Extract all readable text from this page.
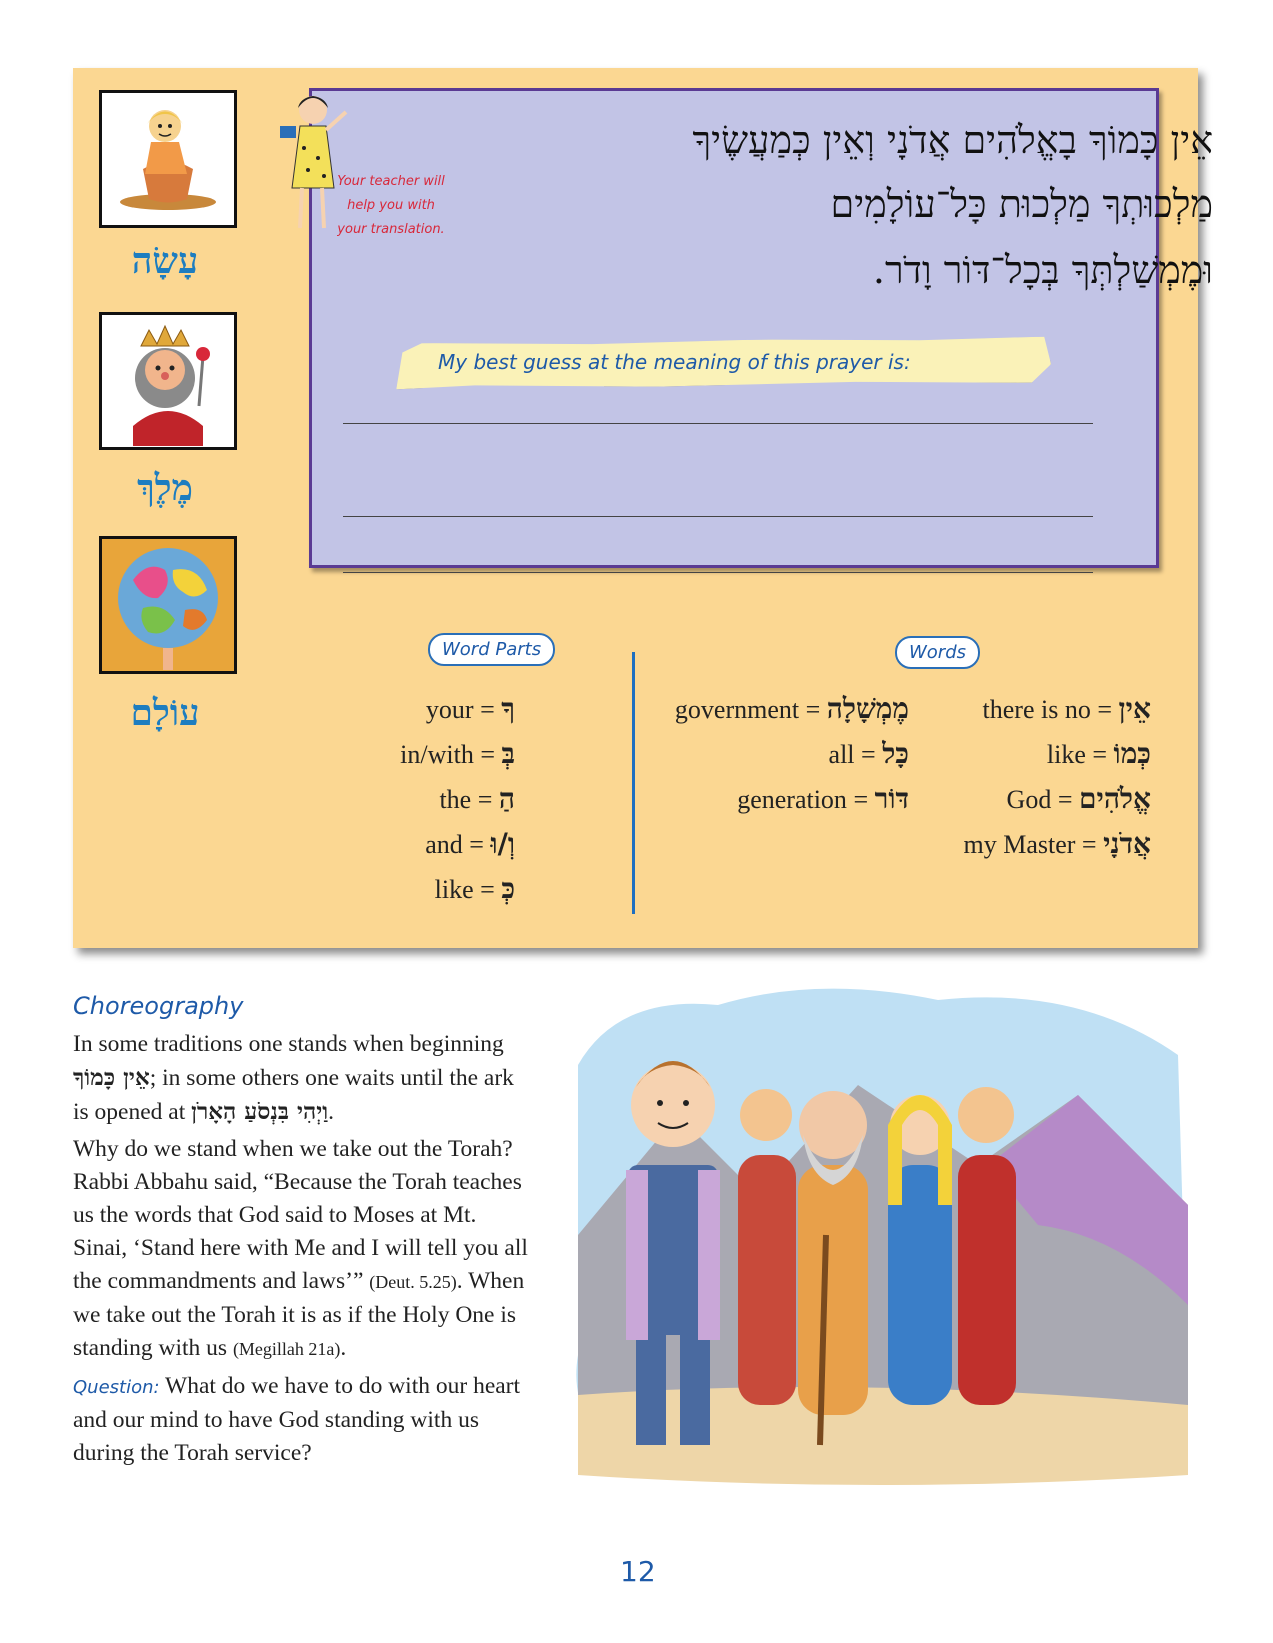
עָשָׂה
מֶלֶךְ
עוֹלָם
Your teacher will help you with your translation.
אֵין כָּמוֹךָ בָאֱלֹהִים אֲדֹנָי וְאֵין כְּמַעֲשֶׂיךָ
מַלְכוּתְךָ מַלְכוּת כָּל־עוֹלָמִים
וּמֶמְשַׁלְתְּךָ בְּכָל־דּוֹר וָדֹר.
My best guess at the meaning of this prayer is:
Word Parts
your = ךָ
in/with = בְּ
the = הַ
and = וְ/וּ
like = כְּ
Words
government = מֶמְשָׁלָה
all = כָּל
generation = דּוֹר
there is no = אֵין
like = כְּמוֹ
God = אֱלֹהִים
my Master = אֲדֹנָי
Choreography

In some traditions one stands when beginning אֵין כָּמוֹךָ; in some others one waits until the ark is opened at וַיְהִי בִּנְסֹעַ הָאָרֹן.

Why do we stand when we take out the Torah? Rabbi Abbahu said, “Because the Torah teaches us the words that God said to Moses at Mt. Sinai, ‘Stand here with Me and I will tell you all the commandments and laws’” (Deut. 5.25). When we take out the Torah it is as if the Holy One is standing with us (Megillah 21a).

Question: What do we have to do with our heart and our mind to have God standing with us during the Torah service?

12
